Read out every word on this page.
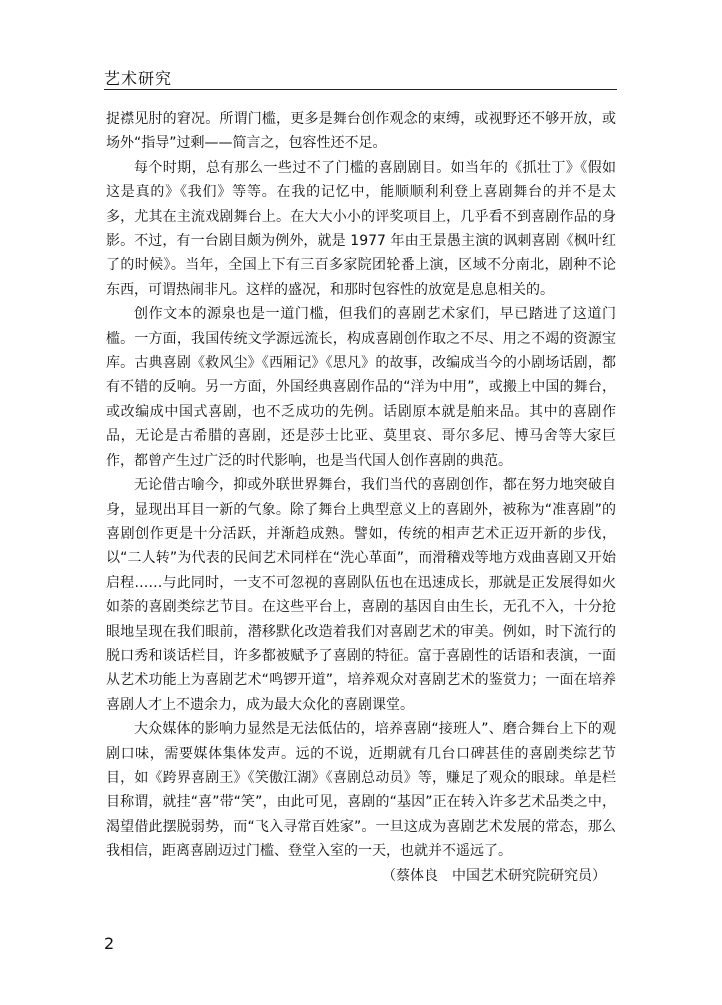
艺术研究

捉襟见肘的窘况。所谓门槛，更多是舞台创作观念的束缚，或视野还不够开放，或场外“指导”过剩——简言之，包容性还不足。

每个时期，总有那么一些过不了门槛的喜剧剧目。如当年的《抓壮丁》《假如这是真的》《我们》等等。在我的记忆中，能顺顺利利登上喜剧舞台的并不是太多，尤其在主流戏剧舞台上。在大大小小的评奖项目上，几乎看不到喜剧作品的身影。不过，有一台剧目颇为例外，就是 1977 年由王景愚主演的讽刺喜剧《枫叶红了的时候》。当年，全国上下有三百多家院团轮番上演，区域不分南北，剧种不论东西，可谓热闹非凡。这样的盛况，和那时包容性的放宽是息息相关的。

创作文本的源泉也是一道门槛，但我们的喜剧艺术家们，早已踏进了这道门槛。一方面，我国传统文学源远流长，构成喜剧创作取之不尽、用之不竭的资源宝库。古典喜剧《救风尘》《西厢记》《思凡》的故事，改编成当今的小剧场话剧，都有不错的反响。另一方面，外国经典喜剧作品的“洋为中用”，或搬上中国的舞台，或改编成中国式喜剧，也不乏成功的先例。话剧原本就是舶来品。其中的喜剧作品，无论是古希腊的喜剧，还是莎士比亚、莫里哀、哥尔多尼、博马舍等大家巨作，都曾产生过广泛的时代影响，也是当代国人创作喜剧的典范。

无论借古喻今，抑或外联世界舞台，我们当代的喜剧创作，都在努力地突破自身，显现出耳目一新的气象。除了舞台上典型意义上的喜剧外，被称为“准喜剧”的喜剧创作更是十分活跃，并渐趋成熟。譬如，传统的相声艺术正迈开新的步伐，以“二人转”为代表的民间艺术同样在“洗心革面”，而滑稽戏等地方戏曲喜剧又开始启程……与此同时，一支不可忽视的喜剧队伍也在迅速成长，那就是正发展得如火如荼的喜剧类综艺节目。在这些平台上，喜剧的基因自由生长，无孔不入，十分抢眼地呈现在我们眼前，潜移默化改造着我们对喜剧艺术的审美。例如，时下流行的脱口秀和谈话栏目，许多都被赋予了喜剧的特征。富于喜剧性的话语和表演，一面从艺术功能上为喜剧艺术“鸣锣开道”，培养观众对喜剧艺术的鉴赏力；一面在培养喜剧人才上不遗余力，成为最大众化的喜剧课堂。

大众媒体的影响力显然是无法低估的，培养喜剧“接班人”、磨合舞台上下的观剧口味，需要媒体集体发声。远的不说，近期就有几台口碑甚佳的喜剧类综艺节目，如《跨界喜剧王》《笑傲江湖》《喜剧总动员》等，赚足了观众的眼球。单是栏目称谓，就挂“喜”带“笑”，由此可见，喜剧的“基因”正在转入许多艺术品类之中，渴望借此摆脱弱势，而“飞入寻常百姓家”。一旦这成为喜剧艺术发展的常态，那么我相信，距离喜剧迈过门槛、登堂入室的一天，也就并不遥远了。

（蔡体良　中国艺术研究院研究员）

2
